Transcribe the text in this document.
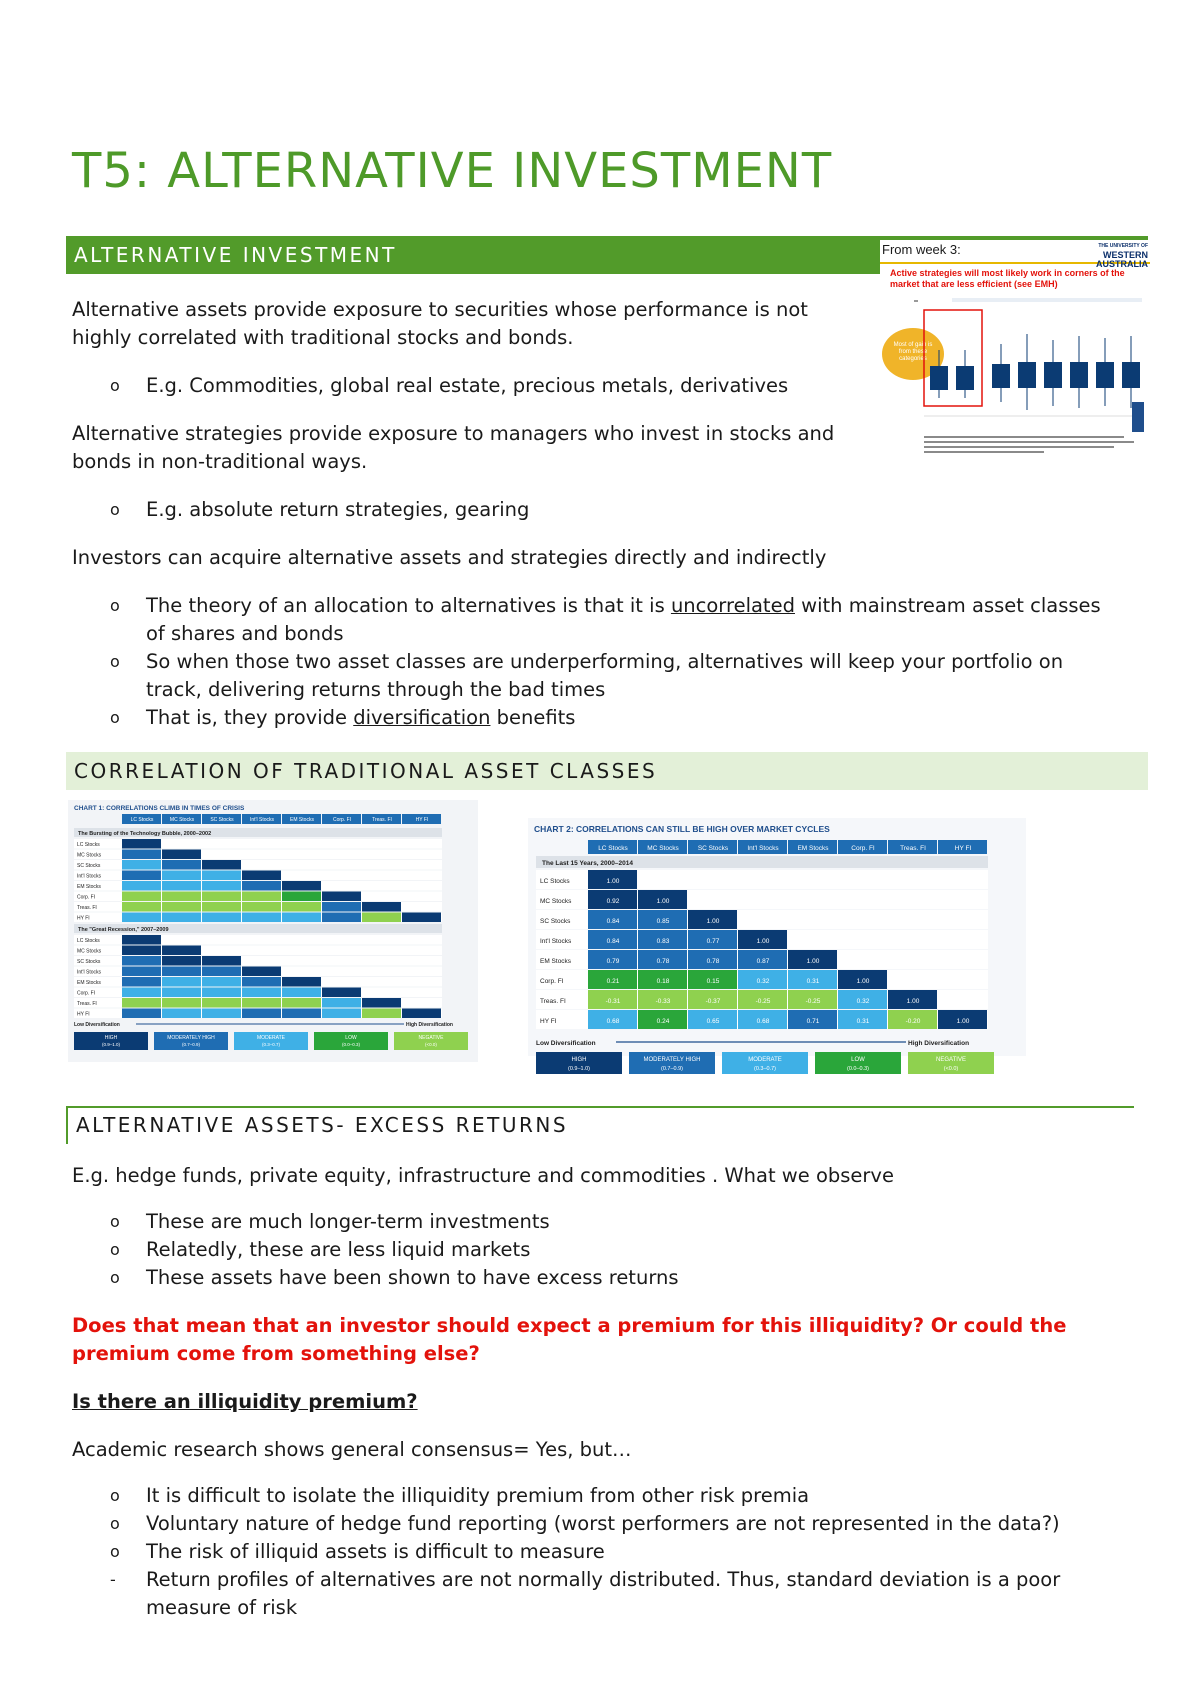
T5: ALTERNATIVE INVESTMENT
ALTERNATIVE INVESTMENT

Alternative assets provide exposure to securities whose performance is not highly correlated with traditional stocks and bonds.

o	E.g. Commodities, global real estate, precious metals, derivatives

Alternative strategies provide exposure to managers who invest in stocks and bonds in non-traditional ways.

o	E.g. absolute return strategies, gearing

Investors can acquire alternative assets and strategies directly and indirectly

o	The theory of an allocation to alternatives is that it is uncorrelated with mainstream asset classes of shares and bonds
o	So when those two asset classes are underperforming, alternatives will keep your portfolio on track, delivering returns through the bad times
o	That is, they provide diversification benefits
From week 3:	THE UNIVERSITY OF
WESTERN
AUSTRALIA
Active strategies will most likely work in corners of the market that are less efficient (see EMH)
Most of gain is from these categories
CORRELATION OF TRADITIONAL ASSET CLASSES
CHART 1: CORRELATIONS CLIMB IN TIMES OF CRISIS
LC Stocks	MC Stocks	SC Stocks	Int'l Stocks	EM Stocks	Corp. FI	Treas. FI	HY FI
The Bursting of the Technology Bubble, 2000–2002
LC Stocks
MC Stocks
SC Stocks
Int'l Stocks
EM Stocks
Corp. FI
Treas. FI
HY FI
The "Great Recession," 2007–2009
LC Stocks
MC Stocks
SC Stocks
Int'l Stocks
EM Stocks
Corp. FI
Treas. FI
HY FI
Low Diversification	High Diversification
HIGH
(0.9–1.0)
MODERATELY HIGH
(0.7–0.9)
MODERATE
(0.3–0.7)
LOW
(0.0–0.3)
NEGATIVE
(<0.0)
CHART 2: CORRELATIONS CAN STILL BE HIGH OVER MARKET CYCLES
LC Stocks	MC Stocks	SC Stocks	Int'l Stocks	EM Stocks	Corp. FI	Treas. FI	HY FI
The Last 15 Years, 2000–2014
LC Stocks	1.00
MC Stocks	0.92	1.00
SC Stocks	0.84	0.85	1.00
Int'l Stocks	0.84	0.83	0.77	1.00
EM Stocks	0.79	0.78	0.78	0.87	1.00
Corp. FI	0.21	0.18	0.15	0.32	0.31	1.00
Treas. FI	-0.31	-0.33	-0.37	-0.25	-0.25	0.32	1.00
HY FI	0.68	0.24	0.65	0.68	0.71	0.31	-0.20	1.00
Low Diversification	High Diversification
HIGH
(0.9–1.0)
MODERATELY HIGH
(0.7–0.9)
MODERATE
(0.3–0.7)
LOW
(0.0–0.3)
NEGATIVE
(<0.0)
ALTERNATIVE ASSETS- EXCESS RETURNS

E.g. hedge funds, private equity, infrastructure and commodities . What we observe

o	These are much longer-term investments
o	Relatedly, these are less liquid markets
o	These assets have been shown to have excess returns

Does that mean that an investor should expect a premium for this illiquidity? Or could the premium come from something else?

Is there an illiquidity premium?

Academic research shows general consensus= Yes, but…

o	It is difficult to isolate the illiquidity premium from other risk premia
o	Voluntary nature of hedge fund reporting (worst performers are not represented in the data?)
o	The risk of illiquid assets is difficult to measure
-	Return profiles of alternatives are not normally distributed. Thus, standard deviation is a poor measure of risk
